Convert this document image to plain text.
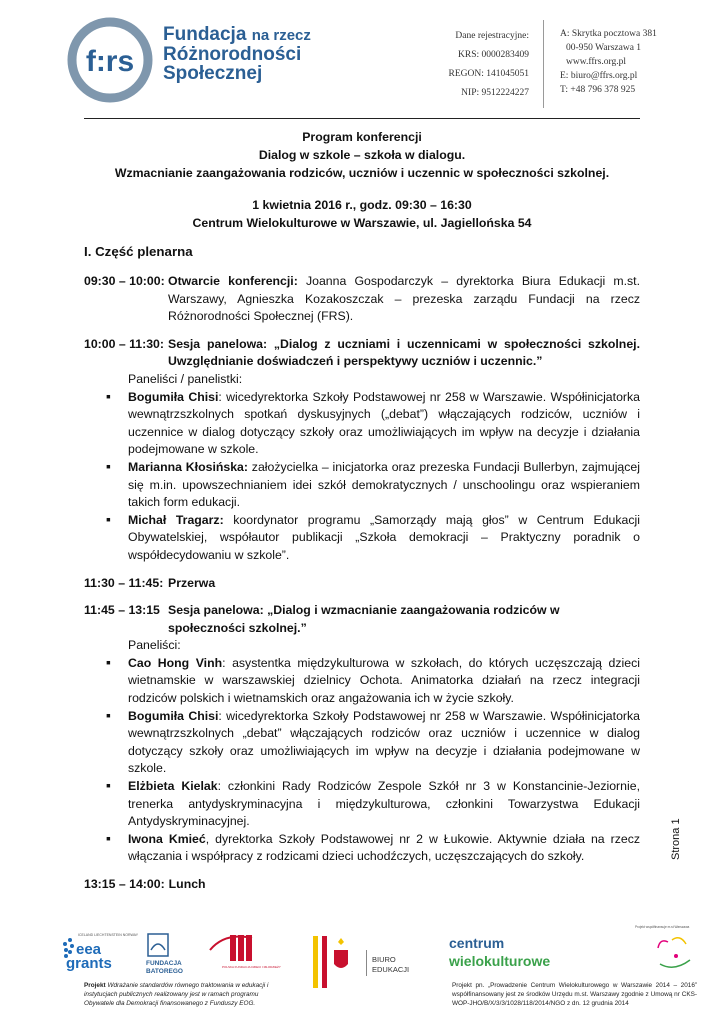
f:rs
Fundacja na rzecz
Różnorodności
Społecznej
Dane rejestracyjne:
KRS: 0000283409
REGON: 141045051
NIP: 9512224227
A: Skrytka pocztowa 381
00-950 Warszawa 1
www.ffrs.org.pl
E: biuro@ffrs.org.pl
T: +48 796 378 925
Program konferencji
Dialog w szkole – szkoła w dialogu.
Wzmacnianie zaangażowania rodziców, uczniów i uczennic w społeczności szkolnej.
1 kwietnia 2016 r., godz. 09:30 – 16:30
Centrum Wielokulturowe w Warszawie, ul. Jagiellońska 54
I. Część plenarna
09:30 – 10:00: Otwarcie konferencji: Joanna Gospodarczyk – dyrektorka Biura Edukacji m.st. Warszawy, Agnieszka Kozakoszczak – prezeska zarządu Fundacji na rzecz Różnorodności Społecznej (FRS).
10:00 – 11:30: Sesja panelowa: „Dialog z uczniami i uczennicami w społeczności szkolnej. Uwzględnianie doświadczeń i perspektywy uczniów i uczennic.”
Paneliści / panelistki:
▪ Bogumiła Chisi: wicedyrektorka Szkoły Podstawowej nr 258 w Warszawie. Współinicjatorka wewnątrzszkolnych spotkań dyskusyjnych („debat”) włączających rodziców, uczniów i uczennice w dialog dotyczący szkoły oraz umożliwiających im wpływ na decyzje i działania podejmowane w szkole.
▪ Marianna Kłosińska: założycielka – inicjatorka oraz prezeska Fundacji Bullerbyn, zajmującej się m.in. upowszechnianiem idei szkół demokratycznych / unschoolingu oraz wspieraniem takich form edukacji.
▪ Michał Tragarz: koordynator programu „Samorządy mają głos” w Centrum Edukacji Obywatelskiej, współautor publikacji „Szkoła demokracji – Praktyczny poradnik o współdecydowaniu w szkole”.
11:30 – 11:45: Przerwa
11:45 – 13:15 Sesja panelowa: „Dialog i wzmacnianie zaangażowania rodziców w społeczności szkolnej.”
Paneliści:
▪ Cao Hong Vinh: asystentka międzykulturowa w szkołach, do których uczęszczają dzieci wietnamskie w warszawskiej dzielnicy Ochota. Animatorka działań na rzecz integracji rodziców polskich i wietnamskich oraz angażowania ich w życie szkoły.
▪ Bogumiła Chisi: wicedyrektorka Szkoły Podstawowej nr 258 w Warszawie. Współinicjatorka wewnątrzszkolnych „debat” włączających rodziców oraz uczniów i uczennice w dialog dotyczący szkoły oraz umożliwiających im wpływ na decyzje i działania podejmowane w szkole.
▪ Elżbieta Kielak: członkini Rady Rodziców Zespole Szkół nr 3 w Konstancinie-Jeziornie, trenerka antydyskryminacyjna i międzykulturowa, członkini Towarzystwa Edukacji Antydyskryminacyjnej.
▪ Iwona Kmieć, dyrektorka Szkoły Podstawowej nr 2 w Łukowie. Aktywnie działa na rzecz włączania i współpracy z rodzicami dzieci uchodźczych, uczęszczających do szkoły.
13:15 – 14:00: Lunch
Strona 1
ICELAND LIECHTENSTEIN NORWAY
eea
grants	FUNDACJA
BATOREGO
POLSKA FUNDACJA DZIECI I MŁODZIEŻY
BIURO
EDUKACJI
centrum
wielokulturowe
Projekt współfinansuje m.st Warszawa
Projekt Wdrażanie standardów równego traktowania w edukacji i instytucjach publicznych realizowany jest w ramach programu Obywatele dla Demokracji finansowanego z Funduszy EOG.
Projekt pn. „Prowadzenie Centrum Wielokulturowego w Warszawie 2014 – 2016” współfinansowany jest ze środków Urzędu m.st. Warszawy zgodnie z Umową nr CKS-WOP-JHO/B/X/3/3/1028/118/2014/NGO z dn. 12 grudnia 2014
